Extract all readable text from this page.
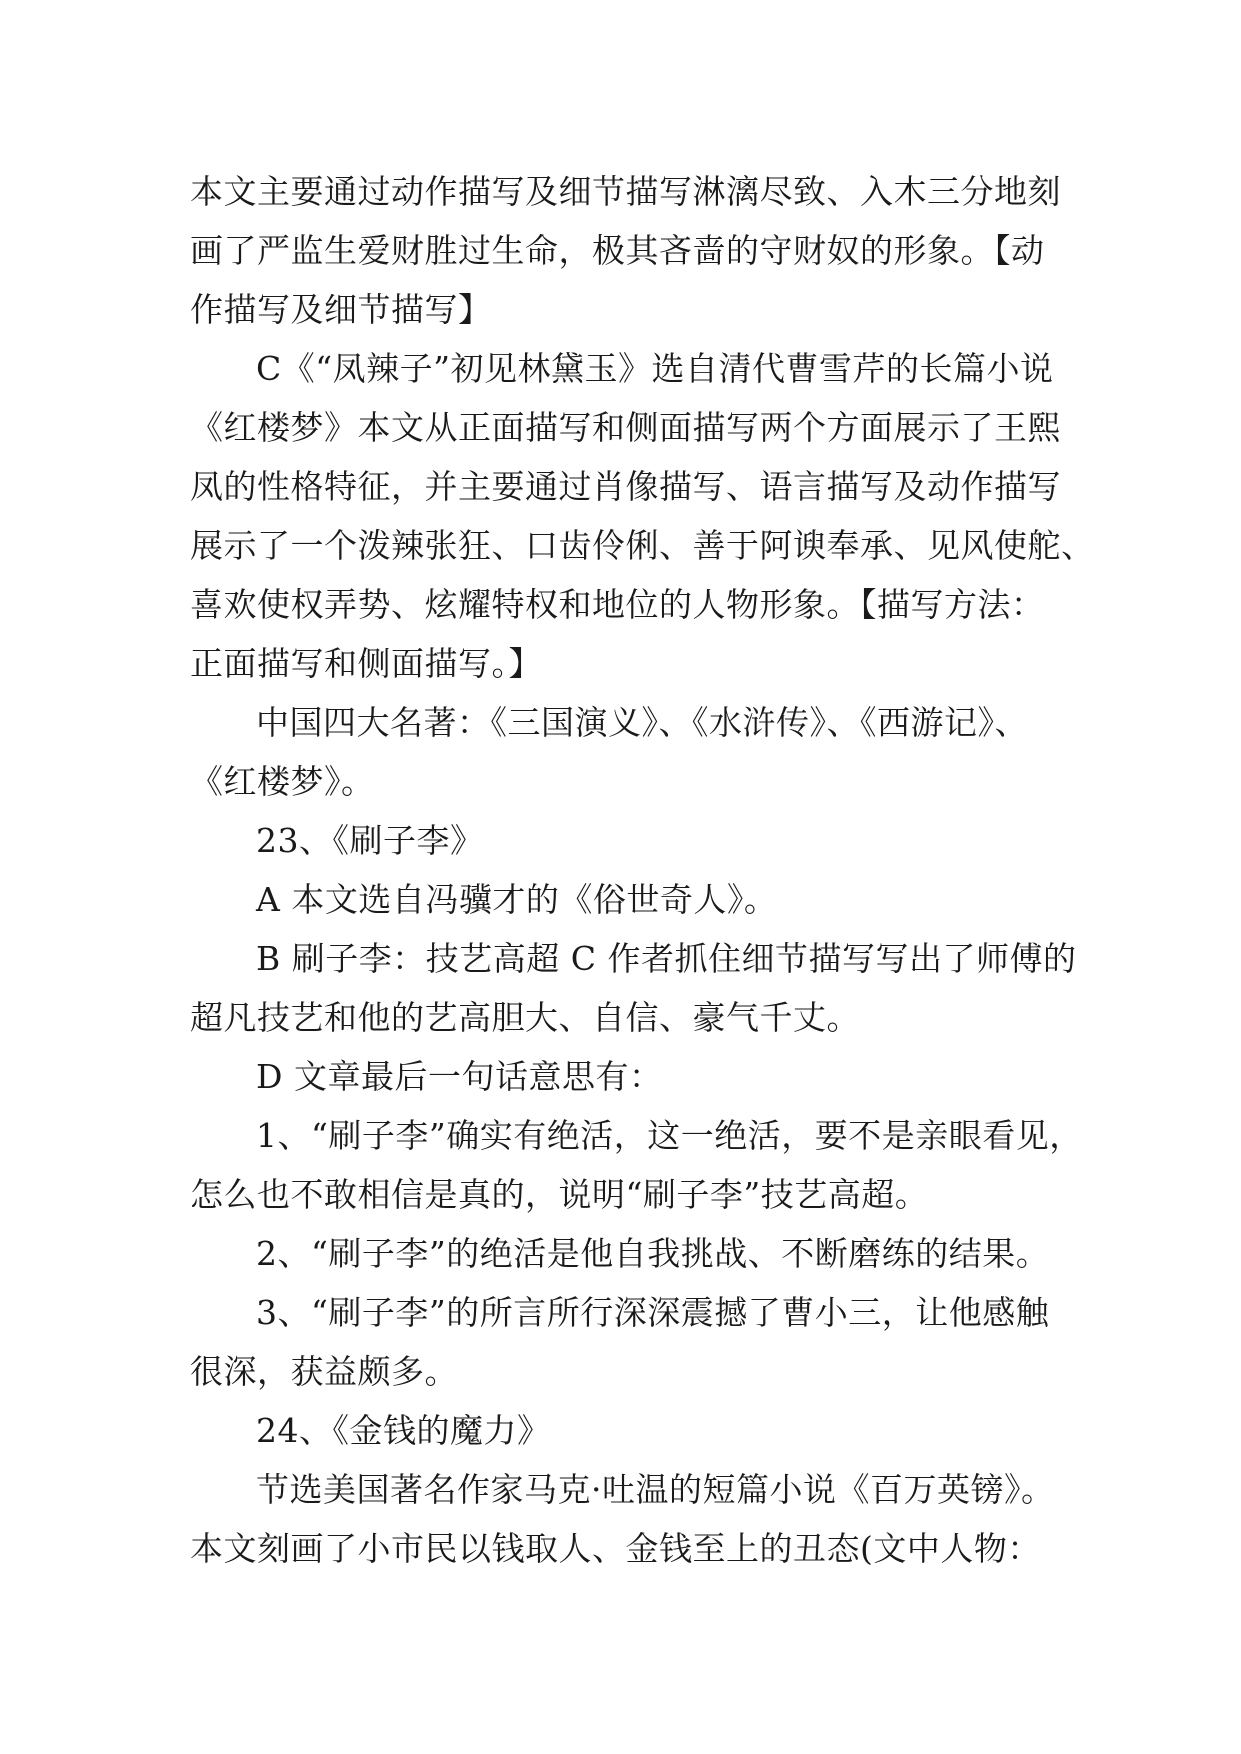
本文主要通过动作描写及细节描写淋漓尽致、入木三分地刻
画了严监生爱财胜过生命，极其吝啬的守财奴的形象。【动
作描写及细节描写】
C《“凤辣子”初见林黛玉》选自清代曹雪芹的长篇小说
《红楼梦》本文从正面描写和侧面描写两个方面展示了王熙
凤的性格特征，并主要通过肖像描写、语言描写及动作描写
展示了一个泼辣张狂、口齿伶俐、善于阿谀奉承、见风使舵、
喜欢使权弄势、炫耀特权和地位的人物形象。【描写方法：
正面描写和侧面描写。】
中国四大名著：《三国演义》、《水浒传》、《西游记》、
《红楼梦》。
23、《刷子李》
A 本文选自冯骥才的《俗世奇人》。
B 刷子李：技艺高超 C 作者抓住细节描写写出了师傅的
超凡技艺和他的艺高胆大、自信、豪气千丈。
D 文章最后一句话意思有：
1、“刷子李”确实有绝活，这一绝活，要不是亲眼看见，
怎么也不敢相信是真的，说明“刷子李”技艺高超。
2、“刷子李”的绝活是他自我挑战、不断磨练的结果。
3、“刷子李”的所言所行深深震撼了曹小三，让他感触
很深，获益颇多。
24、《金钱的魔力》
节选美国著名作家马克·吐温的短篇小说《百万英镑》。
本文刻画了小市民以钱取人、金钱至上的丑态(文中人物：
